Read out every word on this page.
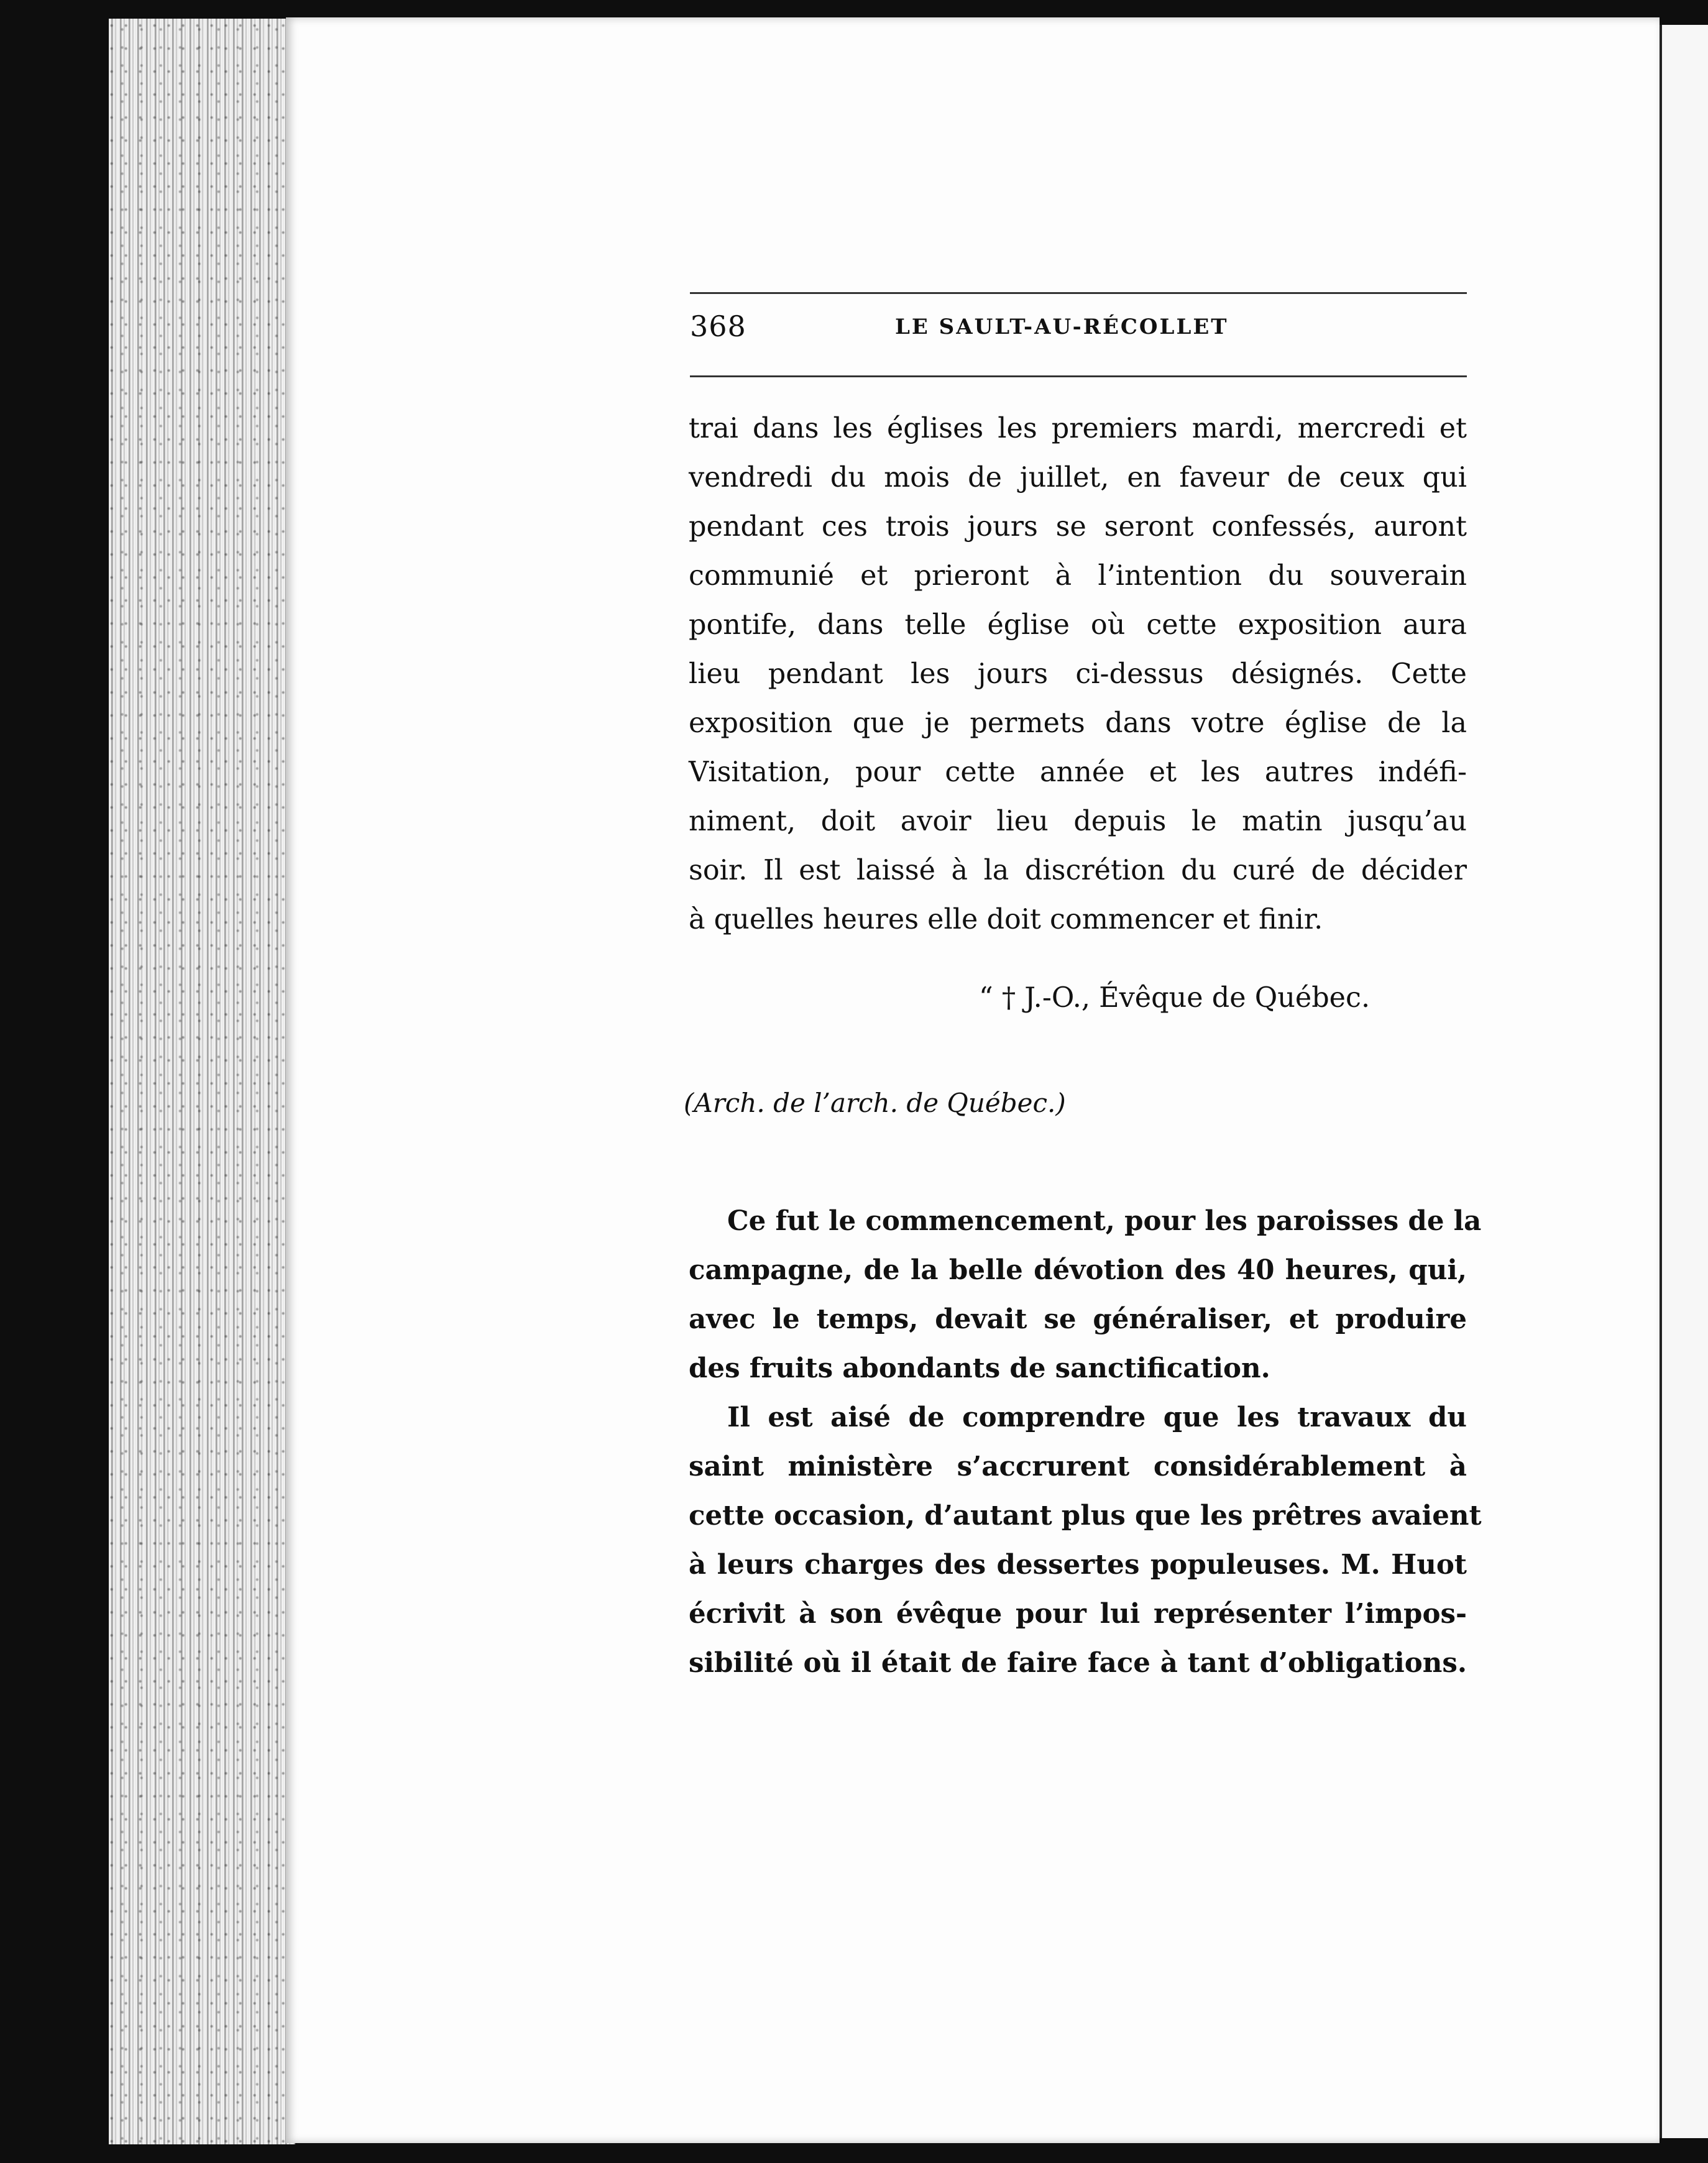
368	LE SAULT-AU-RÉCOLLET
trai dans les églises les premiers mardi, mercredi et
vendredi du mois de juillet, en faveur de ceux qui
pendant ces trois jours se seront confessés, auront
communié et prieront à l’intention du souverain
pontife, dans telle église où cette exposition aura
lieu pendant les jours ci-dessus désignés. Cette
exposition que je permets dans votre église de la
Visitation, pour cette année et les autres indéfi-
niment, doit avoir lieu depuis le matin jusqu’au
soir. Il est laissé à la discrétion du curé de décider
à quelles heures elle doit commencer et finir.
“ † J.-O., Évêque de Québec.
(Arch. de l’arch. de Québec.)
Ce fut le commencement, pour les paroisses de la
campagne, de la belle dévotion des 40 heures, qui,
avec le temps, devait se généraliser, et produire
des fruits abondants de sanctification.
Il est aisé de comprendre que les travaux du
saint ministère s’accrurent considérablement à
cette occasion, d’autant plus que les prêtres avaient
à leurs charges des dessertes populeuses. M. Huot
écrivit à son évêque pour lui représenter l’impos-
sibilité où il était de faire face à tant d’obligations.
